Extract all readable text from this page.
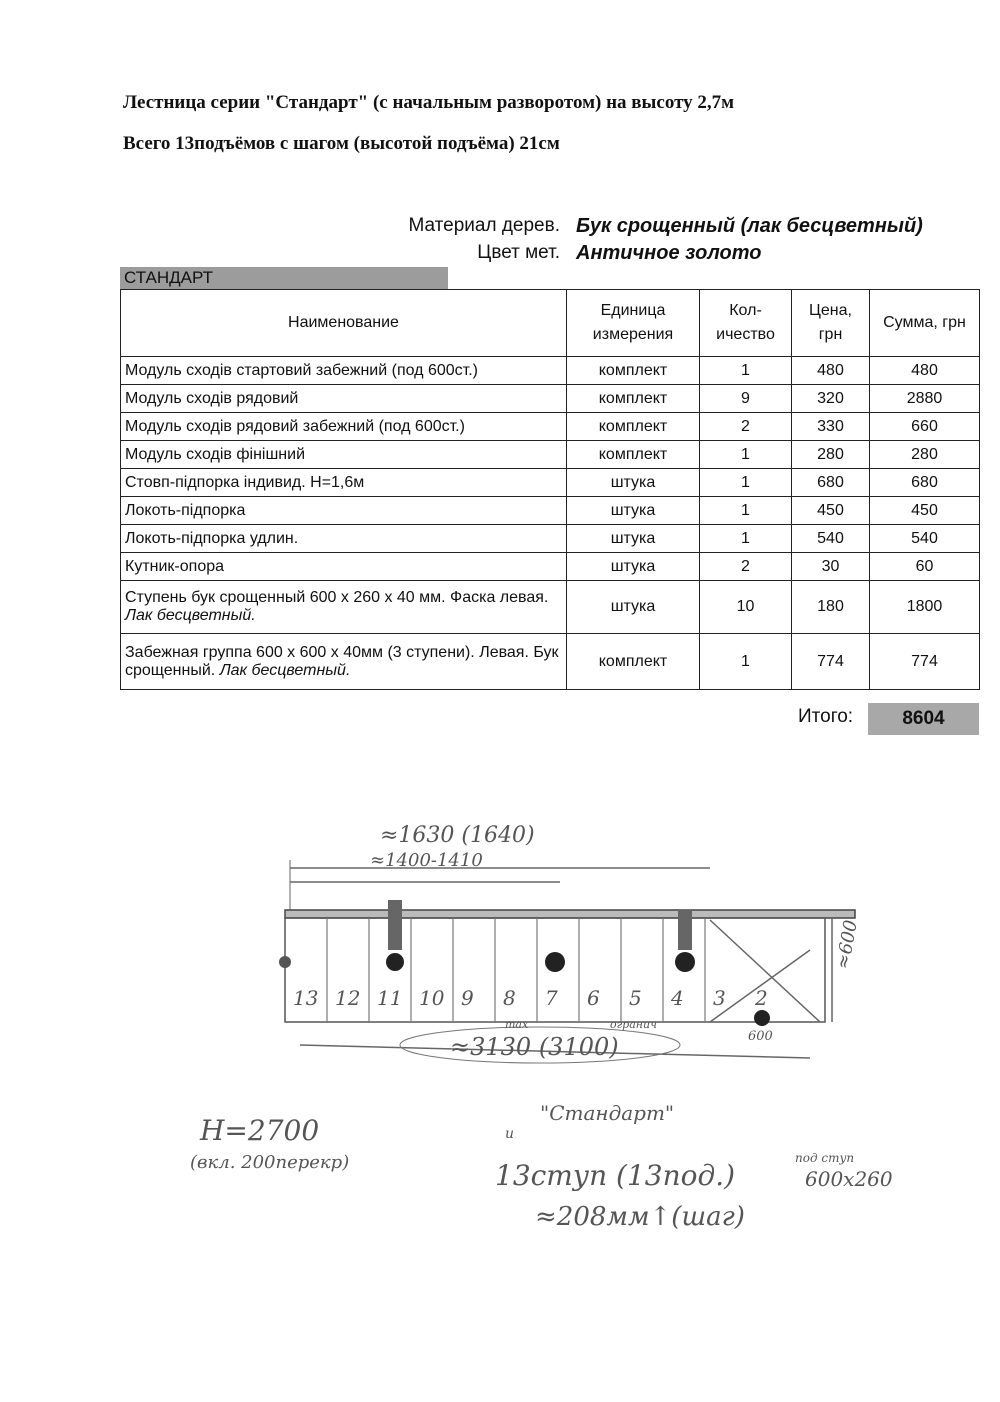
Лестница серии "Стандарт" (с начальным разворотом) на высоту 2,7м
Всего 13подъёмов с шагом (высотой подъёма) 21см
Материал дерев. Бук срощенный (лак бесцветный)
Цвет мет. Античное золото
СТАНДАРТ
Наименование	Единица измерения	Кол-ичество	Цена, грн	Сумма, грн
Модуль сходів стартовий забежний (под 600ст.)	комплект	1	480	480
Модуль сходів рядовий	комплект	9	320	2880
Модуль сходів рядовий забежний (под 600ст.)	комплект	2	330	660
Модуль сходів фінішний	комплект	1	280	280
Стовп-підпорка індивид. Н=1,6м	штука	1	680	680
Локоть-підпорка	штука	1	450	450
Локоть-підпорка удлин.	штука	1	540	540
Кутник-опора	штука	2	30	60
Ступень бук срощенный 600 х 260 х 40 мм. Фаска левая. Лак бесцветный.	штука	10	180	1800
Забежная группа 600 х 600 х 40мм (3 ступени). Левая. Бук срощенный. Лак бесцветный.	комплект	1	774	774
Итого:	8604
≈1630 (1640)
≈1400-1410
13 12 11 10 9 8 7 6 5 4 3 2
≈600
600
max	огранич
≈3130 (3100)
Н=2700
(вкл. 200перекр)
и
"Стандарт"
13ступ (13под.)
под ступ
600х260
≈208мм↑(шаг)
